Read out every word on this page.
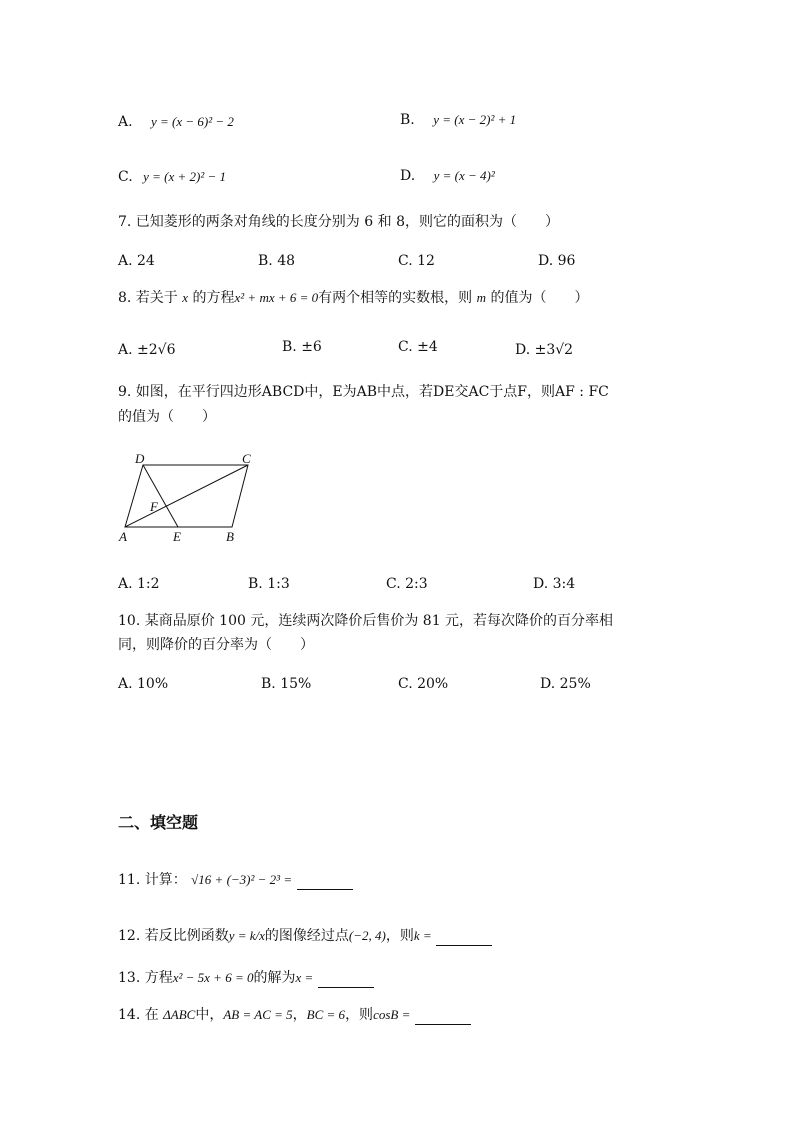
A. y = (x − 6)² − 2	B. y = (x − 2)² + 1
C. y = (x + 2)² − 1	D. y = (x − 4)²
7. 已知菱形的两条对角线的长度分别为 6 和 8，则它的面积为（　　）
A. 24	B. 48	C. 12	D. 96
8. 若关于 x 的方程x² + mx + 6 = 0有两个相等的实数根，则 m 的值为（　　）
A. ±2√6	B. ±6	C. ±4	D. ±3√2
9. 如图，在平行四边形ABCD中，E为AB中点，若DE交AC于点F，则AF : FC
的值为（　　）
D	C
F
A	E	B
A. 1:2	B. 1:3	C. 2:3	D. 3:4
10. 某商品原价 100 元，连续两次降价后售价为 81 元，若每次降价的百分率相
同，则降价的百分率为（　　）
A. 10%	B. 15%	C. 20%	D. 25%
二、填空题
11. 计算： √16 + (−3)² − 2³ =
12. 若反比例函数y = k/x的图像经过点(−2, 4)，则k =
13. 方程x² − 5x + 6 = 0的解为x =
14. 在 ΔABC中，AB = AC = 5，BC = 6，则cosB =
